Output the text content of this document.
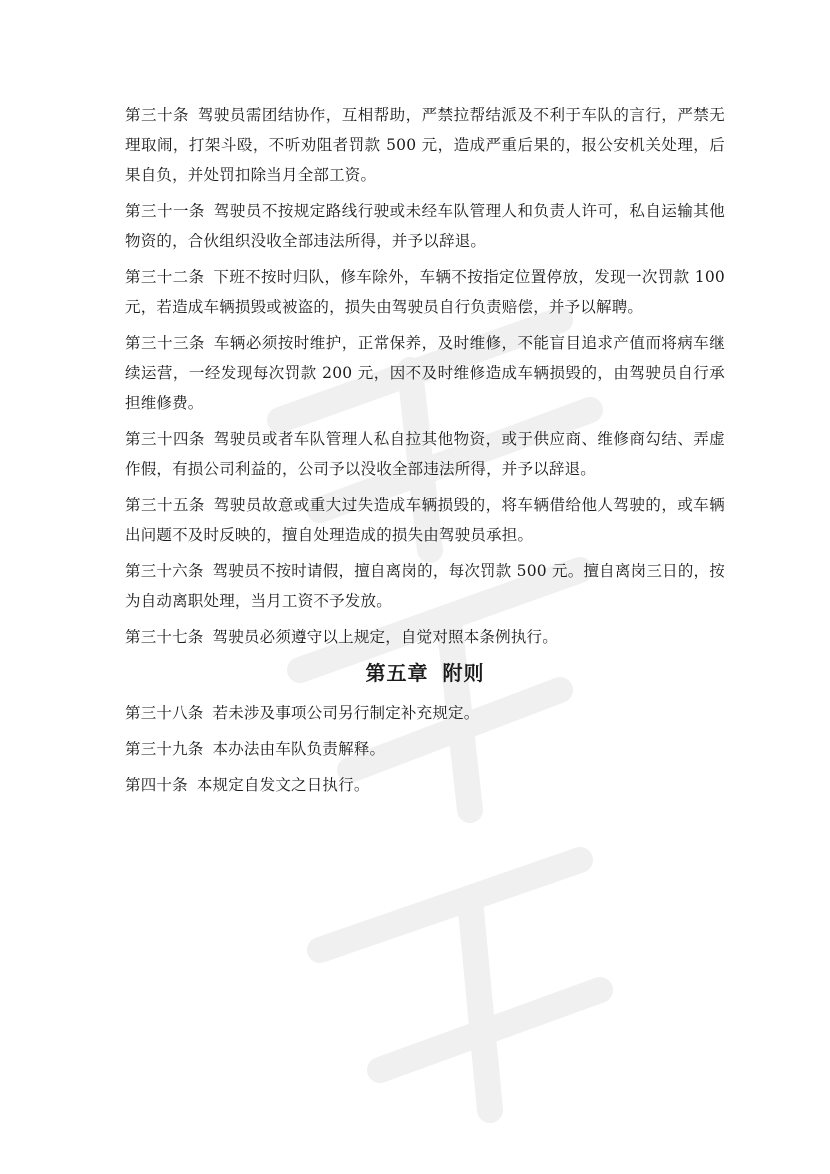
第三十条 驾驶员需团结协作，互相帮助，严禁拉帮结派及不利于车队的言行，严禁无理取闹，打架斗殴，不听劝阻者罚款 500 元，造成严重后果的，报公安机关处理，后果自负，并处罚扣除当月全部工资。

第三十一条 驾驶员不按规定路线行驶或未经车队管理人和负责人许可，私自运输其他物资的，合伙组织没收全部违法所得，并予以辞退。

第三十二条 下班不按时归队，修车除外，车辆不按指定位置停放，发现一次罚款 100 元，若造成车辆损毁或被盗的，损失由驾驶员自行负责赔偿，并予以解聘。

第三十三条 车辆必须按时维护，正常保养，及时维修，不能盲目追求产值而将病车继续运营，一经发现每次罚款 200 元，因不及时维修造成车辆损毁的，由驾驶员自行承担维修费。

第三十四条 驾驶员或者车队管理人私自拉其他物资，或于供应商、维修商勾结、弄虚作假，有损公司利益的，公司予以没收全部违法所得，并予以辞退。

第三十五条 驾驶员故意或重大过失造成车辆损毁的，将车辆借给他人驾驶的，或车辆出问题不及时反映的，擅自处理造成的损失由驾驶员承担。

第三十六条 驾驶员不按时请假，擅自离岗的，每次罚款 500 元。擅自离岗三日的，按为自动离职处理，当月工资不予发放。

第三十七条 驾驶员必须遵守以上规定，自觉对照本条例执行。

第五章 附则

第三十八条 若未涉及事项公司另行制定补充规定。

第三十九条 本办法由车队负责解释。

第四十条 本规定自发文之日执行。
